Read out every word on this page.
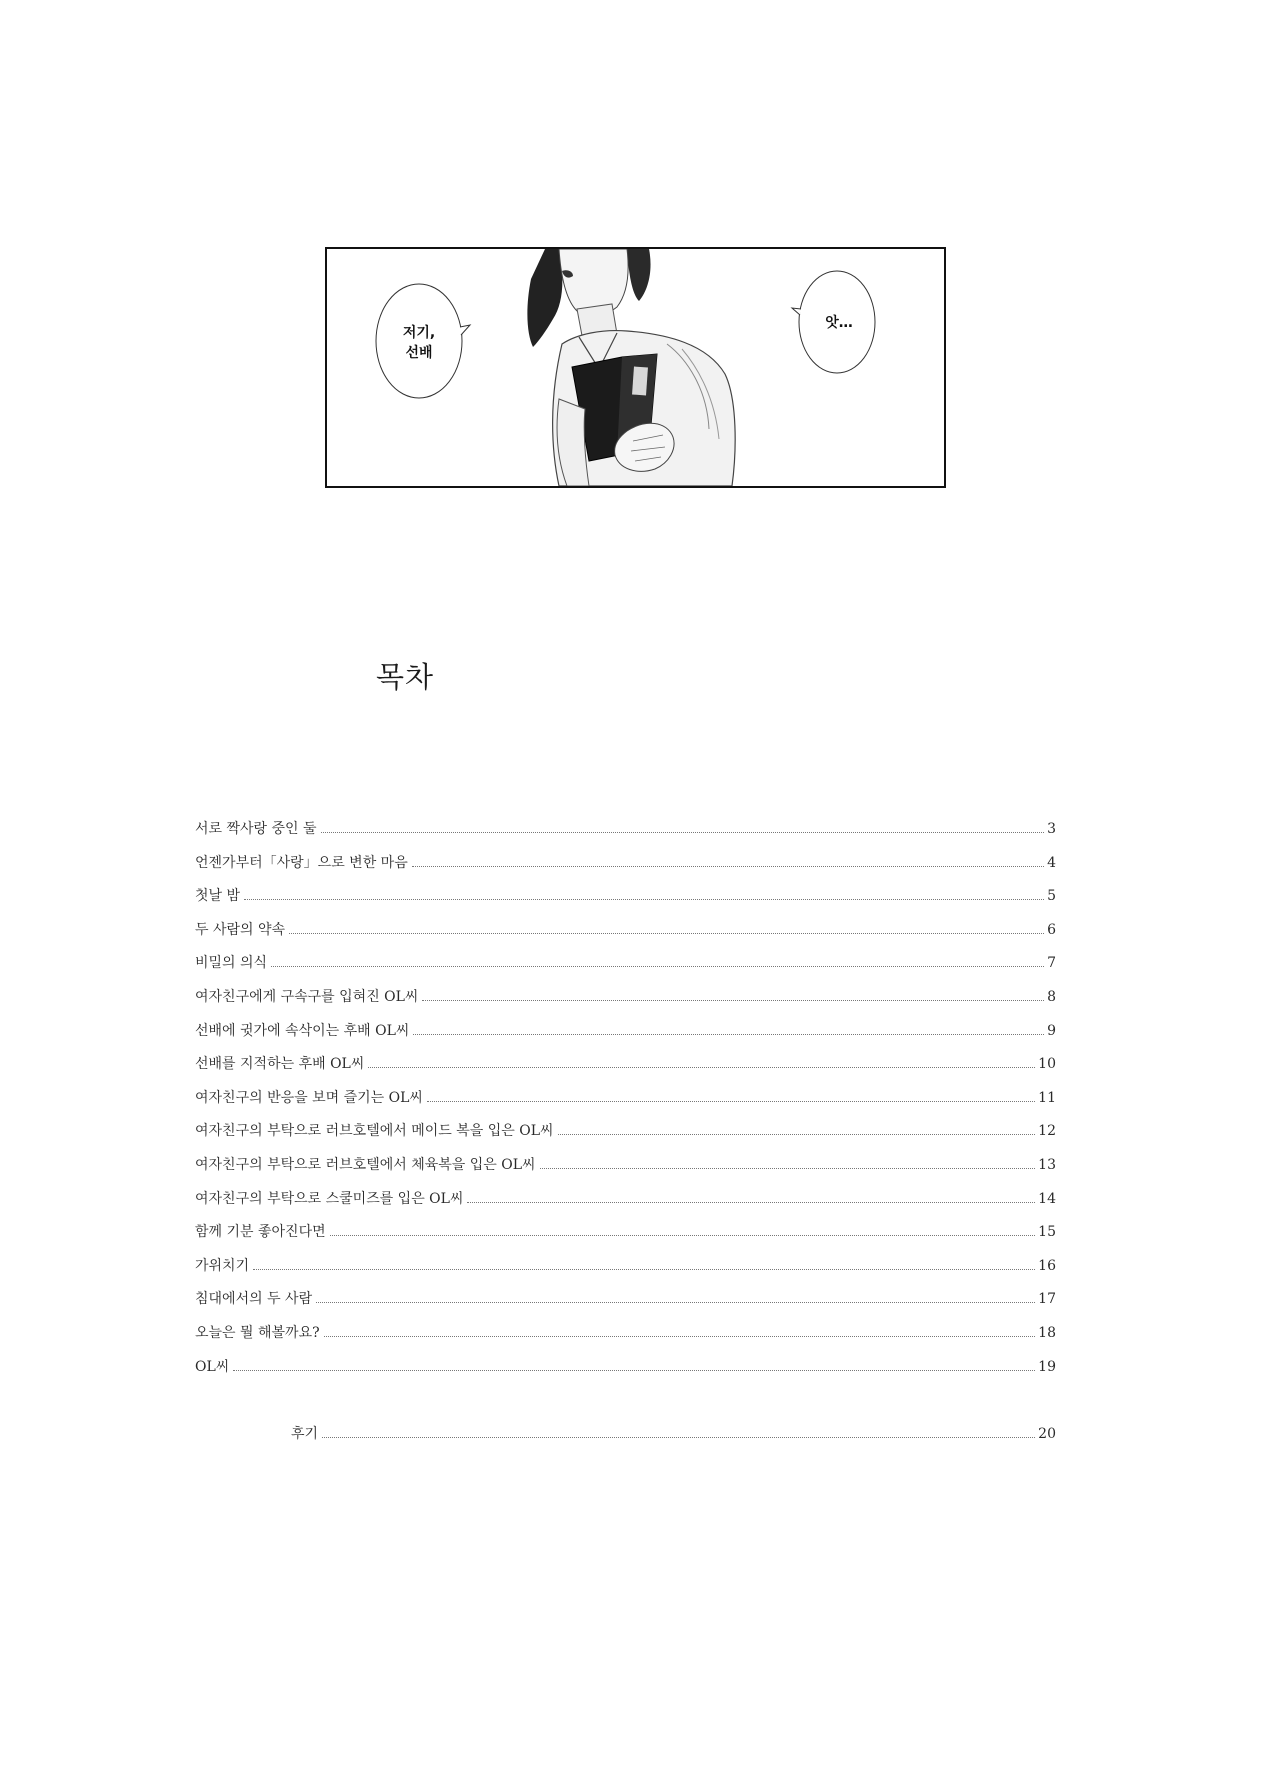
저기,
선배
앗…
목차
서로 짝사랑 중인 둘	3
언젠가부터「사랑」으로 변한 마음	4
첫날 밤	5
두 사람의 약속	6
비밀의 의식	7
여자친구에게 구속구를 입혀진 OL씨	8
선배에 귓가에 속삭이는 후배 OL씨	9
선배를 지적하는 후배 OL씨	10
여자친구의 반응을 보며 즐기는 OL씨	11
여자친구의 부탁으로 러브호텔에서 메이드 복을 입은 OL씨	12
여자친구의 부탁으로 러브호텔에서 체육복을 입은 OL씨	13
여자친구의 부탁으로 스쿨미즈를 입은 OL씨	14
함께 기분 좋아진다면	15
가위치기	16
침대에서의 두 사람	17
오늘은 뭘 해볼까요?	18
OL씨	19
후기	20
